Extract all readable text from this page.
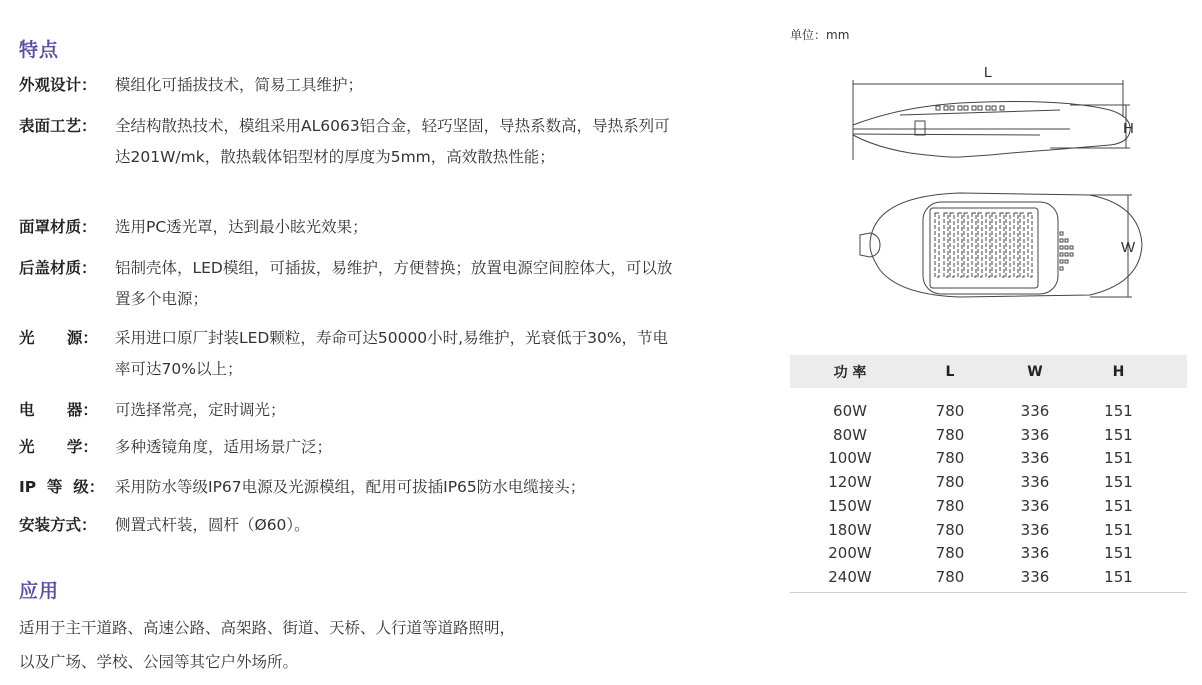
特点
外观设计：	模组化可插拔技术，简易工具维护；
表面工艺：	全结构散热技术，模组采用AL6063铝合金，轻巧坚固，导热系数高，导热系列可达201W/mk，散热载体铝型材的厚度为5mm，高效散热性能；
面罩材质：	选用PC透光罩，达到最小眩光效果；
后盖材质：	铝制壳体，LED模组，可插拔，易维护，方便替换；放置电源空间腔体大，可以放置多个电源；
光      源：	采用进口原厂封装LED颗粒，寿命可达50000小时,易维护，光衰低于30%，节电率可达70%以上；
电      器：	可选择常亮，定时调光；
光      学：	多种透镜角度，适用场景广泛；
IP  等  级： 采用防水等级IP67电源及光源模组，配用可拔插IP65防水电缆接头；
安装方式：	侧置式杆装，圆杆（Ø60）。
应用
适用于主干道路、高速公路、高架路、街道、天桥、人行道等道路照明，
以及广场、学校、公园等其它户外场所。
单位：mm
L
H
W
功 率	L	W	H	
60W	780	336	151	
80W	780	336	151	
100W	780	336	151	
120W	780	336	151	
150W	780	336	151	
180W	780	336	151	
200W	780	336	151	
240W	780	336	151	
